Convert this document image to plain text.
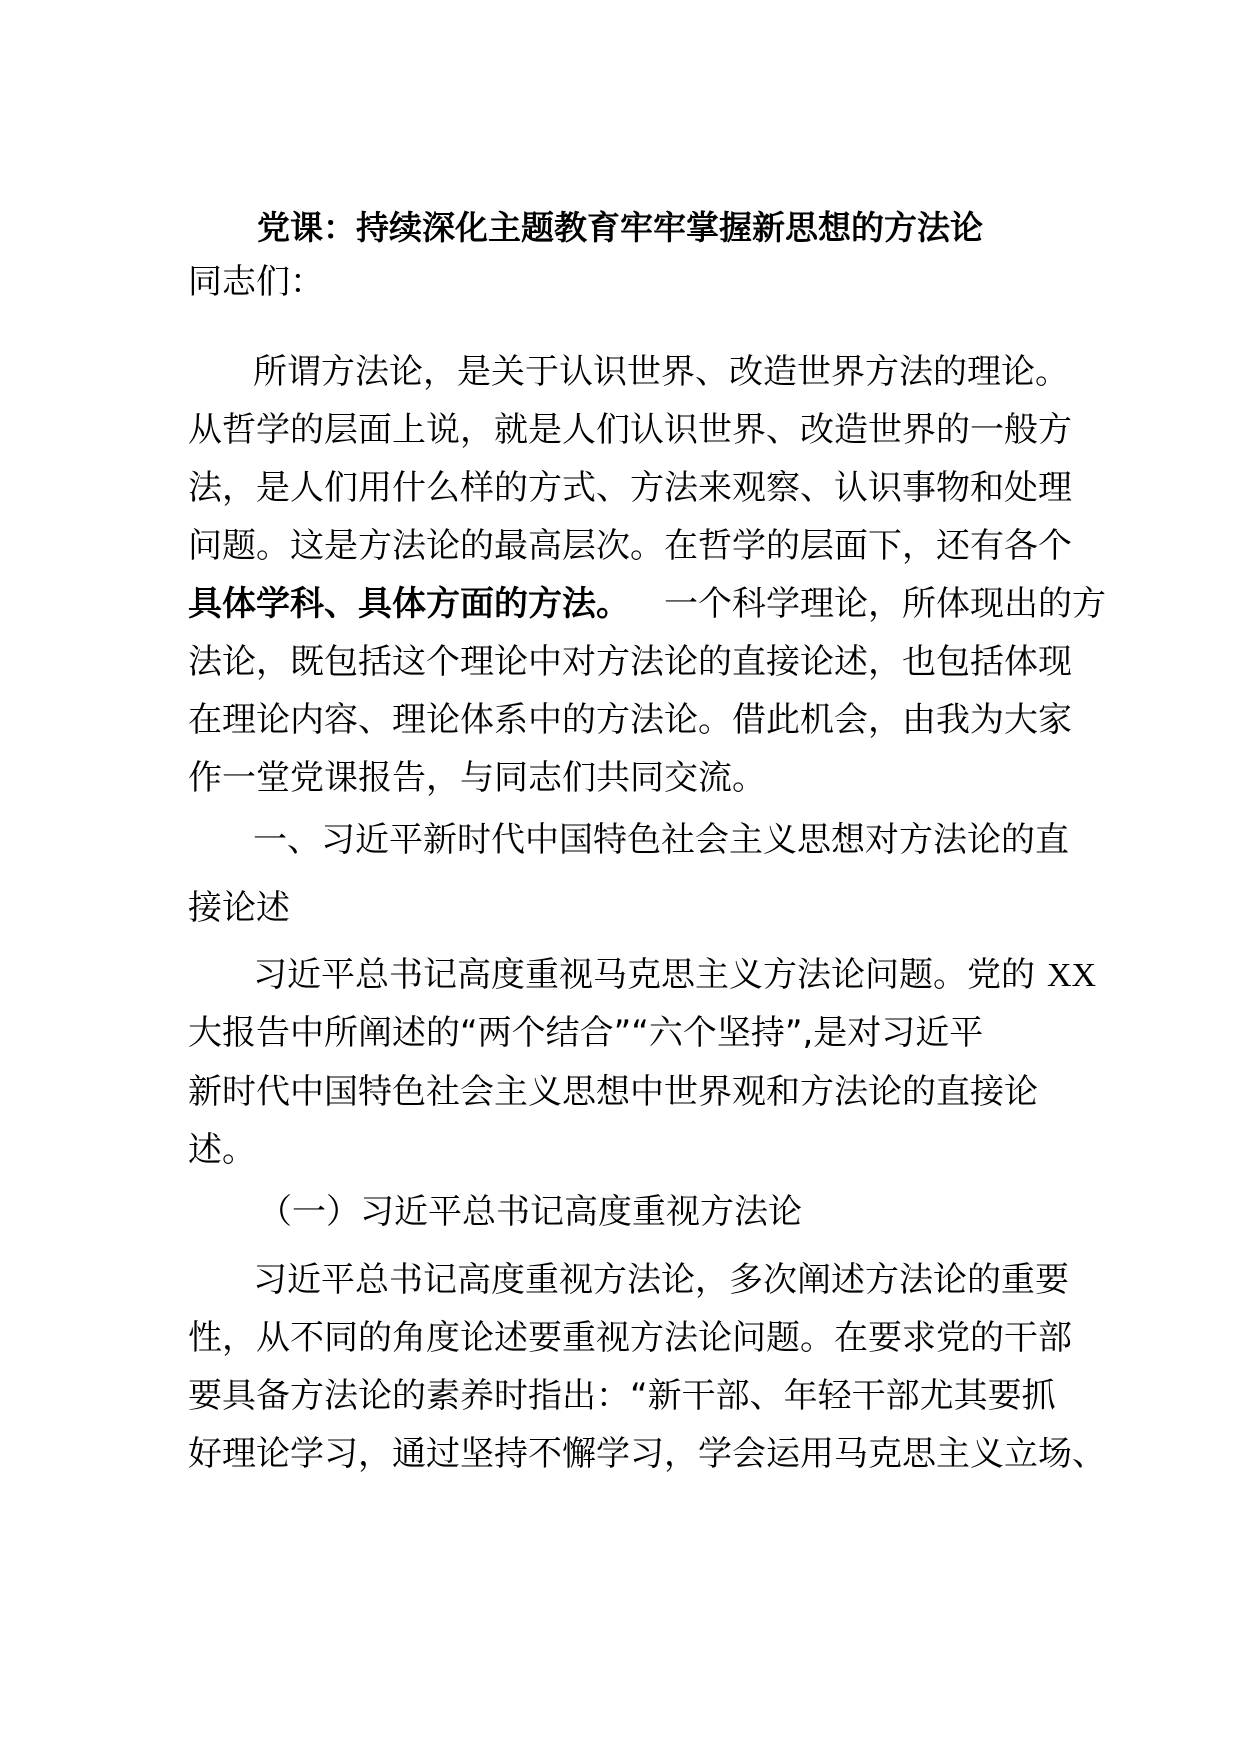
党课：持续深化主题教育牢牢掌握新思想的方法论
同志们：
所谓方法论，是关于认识世界、改造世界方法的理论。
从哲学的层面上说，就是人们认识世界、改造世界的一般方
法，是人们用什么样的方式、方法来观察、认识事物和处理
问题。这是方法论的最高层次。在哲学的层面下，还有各个
具体学科、具体方面的方法。 一个科学理论，所体现出的方
法论，既包括这个理论中对方法论的直接论述，也包括体现
在理论内容、理论体系中的方法论。借此机会，由我为大家
作一堂党课报告，与同志们共同交流。
一、习近平新时代中国特色社会主义思想对方法论的直
接论述
习近平总书记高度重视马克思主义方法论问题。党的 XX
大报告中所阐述的“两个结合”“六个坚持”,是对习近平
新时代中国特色社会主义思想中世界观和方法论的直接论
述。
（一）习近平总书记高度重视方法论
习近平总书记高度重视方法论，多次阐述方法论的重要
性，从不同的角度论述要重视方法论问题。在要求党的干部
要具备方法论的素养时指出：“新干部、年轻干部尤其要抓
好理论学习，通过坚持不懈学习，学会运用马克思主义立场、
